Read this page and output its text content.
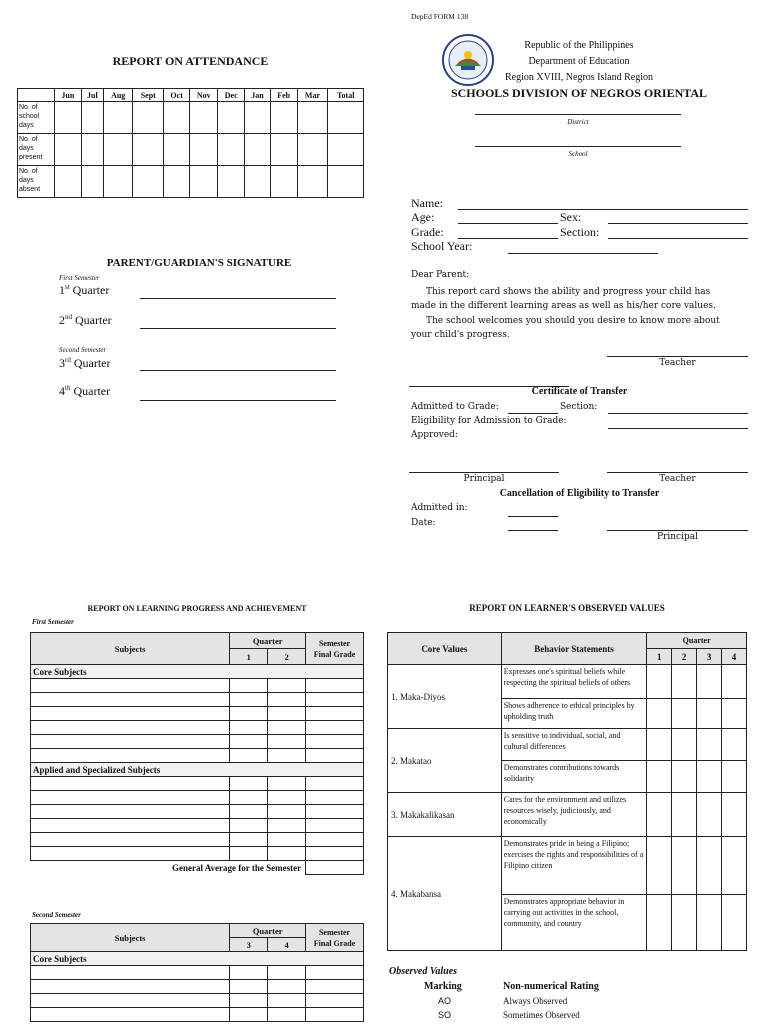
REPORT ON ATTENDANCE
	Jun	Jul	Aug	Sept	Oct	Nov	Dec	Jan	Feb	Mar	Total
No. of school days											
No. of days present											
No. of days absent											
PARENT/GUARDIAN'S SIGNATURE
First Semester
1st Quarter
2nd Quarter
Second Semester
3rd Quarter
4th Quarter
DepEd FORM 138
Republic of the Philippines
Department of Education
Region XVIII, Negros Island Region
SCHOOLS DIVISION OF NEGROS ORIENTAL
District
School
Name:
Age:	Sex:
Grade:	Section:
School Year:
Dear Parent:
This report card shows the ability and progress your child has
made in the different learning areas as well as his/her core values.
The school welcomes you should you desire to know more about
your child's progress.
Teacher
Certificate of Transfer
Admitted to Grade:	Section:
Eligibility for Admission to Grade:
Approved:
Principal	Teacher
Cancellation of Eligibility to Transfer
Admitted in:
Date:
Principal
REPORT ON LEARNING PROGRESS AND ACHIEVEMENT
First Semester
Subjects	Quarter		Semester
Final Grade
	1	2	
Core Subjects			

Applied and Specialized Subjects			

General Average for the Semester			
Second Semester
Subjects	Quarter		Semester
Final Grade
	3	4	
Core Subjects			

REPORT ON LEARNER'S OBSERVED VALUES
Core Values	Behavior Statements	Quarter			
		1	2	3	4
1. Maka-Diyos	Expresses one's spiritual beliefs while respecting the spiritual beliefs of others				
	Shows adherence to ethical principles by upholding truth				
2. Makatao	Is sensitive to individual, social, and cultural differences				
	Demonstrates contributions towards solidarity				
3. Makakalikasan	Cares for the environment and utilizes resources wisely, judiciously, and economically				
4. Makabansa	Demonstrates pride in being a Filipino; exercises the rights and responsibilities of a Filipino citizen				
	Demonstrates appropriate behavior in carrying out activities in the school, community, and country				
Observed Values
Marking	Non-numerical Rating
AO	Always Observed
SO	Sometimes Observed
